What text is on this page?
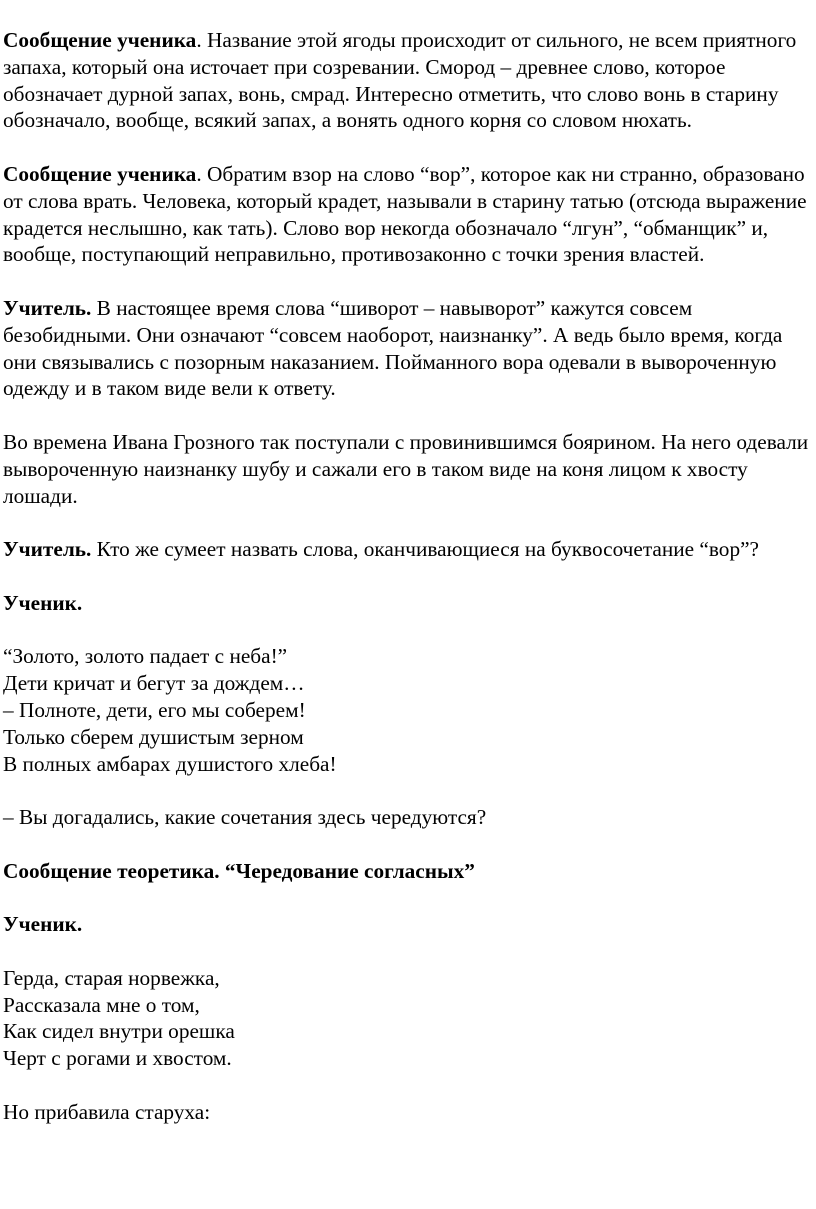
Сообщение ученика. Название этой ягоды происходит от сильного, не всем приятного запаха, который она источает при созревании. Смород – древнее слово, которое обозначает дурной запах, вонь, смрад. Интересно отметить, что слово вонь в старину обозначало, вообще, всякий запах, а вонять одного корня со словом нюхать.

Сообщение ученика. Обратим взор на слово “вор”, которое как ни странно, образовано от слова врать. Человека, который крадет, называли в старину татью (отсюда выражение крадется неслышно, как тать). Слово вор некогда обозначало “лгун”, “обманщик” и, вообще, поступающий неправильно, противозаконно с точки зрения властей.

Учитель. В настоящее время слова “шиворот – навыворот” кажутся совсем безобидными. Они означают “совсем наоборот, наизнанку”. А ведь было время, когда они связывались с позорным наказанием. Пойманного вора одевали в вывороченную одежду и в таком виде вели к ответу.

Во времена Ивана Грозного так поступали с провинившимся боярином. На него одевали вывороченную наизнанку шубу и сажали его в таком виде на коня лицом к хвосту лошади.

Учитель. Кто же сумеет назвать слова, оканчивающиеся на буквосочетание “вор”?

Ученик.

“Золото, золото падает с неба!”
Дети кричат и бегут за дождем…
– Полноте, дети, его мы соберем!
Только сберем душистым зерном
В полных амбарах душистого хлеба!

– Вы догадались, какие сочетания здесь чередуются?

Сообщение теоретика. “Чередование согласных”

Ученик.

Герда, старая норвежка,
Рассказала мне о том,
Как сидел внутри орешка
Черт с рогами и хвостом.

Но прибавила старуха:
